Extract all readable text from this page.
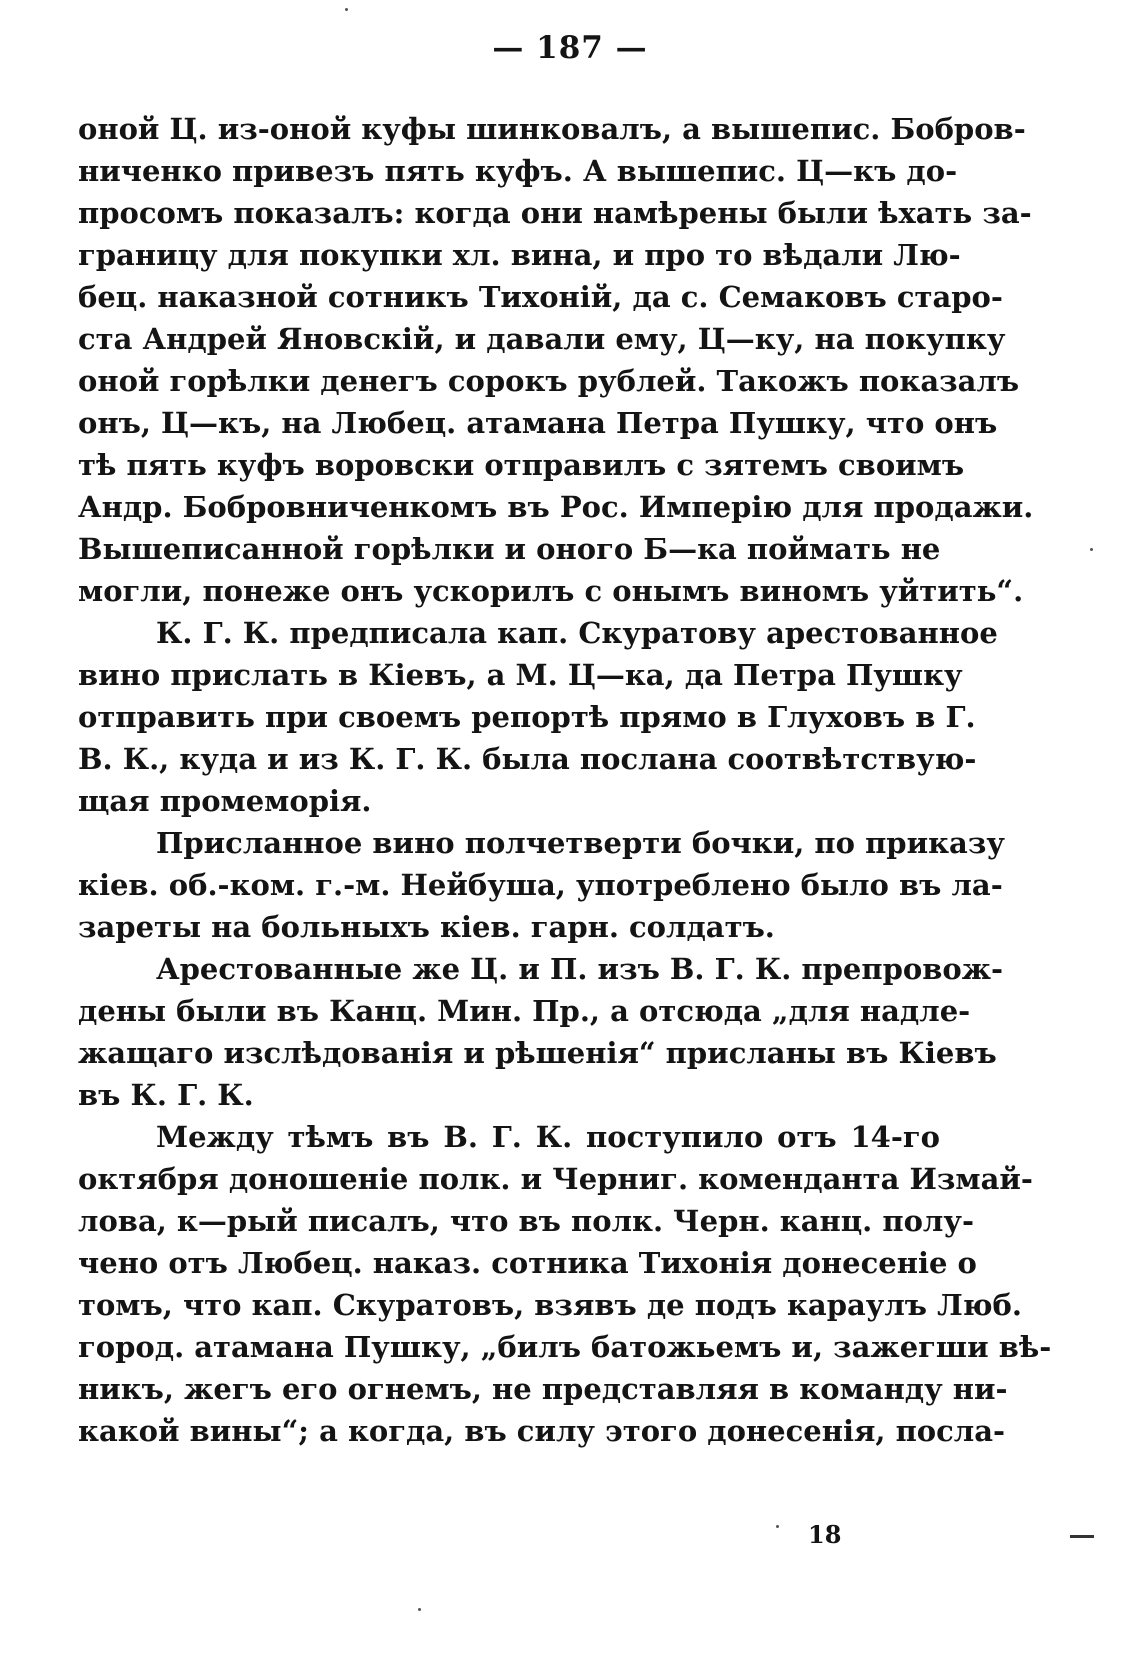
— 187 —
оной Ц. из-оной куфы шинковалъ, а вышепис. Бобров-
ниченко привезъ пять куфъ. А вышепис. Ц—къ до-
просомъ показалъ: когда они намѣрены были ѣхать за-
границу для покупки хл. вина, и про то вѣдали Лю-
бец. наказной сотникъ Тихоній, да с. Семаковъ старо-
ста Андрей Яновскій, и давали ему, Ц—ку, на покупку
оной горѣлки денегъ сорокъ рублей. Такожъ показалъ
онъ, Ц—къ, на Любец. атамана Петра Пушку, что онъ
тѣ пять куфъ воровски отправилъ с зятемъ своимъ
Андр. Бобровниченкомъ въ Рос. Имперію для продажи.
Вышеписанной горѣлки и оного Б—ка поймать не
могли, понеже онъ ускорилъ с онымъ виномъ уйтить“.
К. Г. К. предписала кап. Скуратову арестованное
вино прислать в Кіевъ, а М. Ц—ка, да Петра Пушку
отправить при своемъ репортѣ прямо в Глуховъ в Г.
В. К., куда и из К. Г. К. была послана соотвѣтствую-
щая промеморія.
Присланное вино полчетверти бочки, по приказу
кіев. об.-ком. г.-м. Нейбуша, употреблено было въ ла-
зареты на больныхъ кіев. гарн. солдатъ.
Арестованные же Ц. и П. изъ В. Г. К. препровож-
дены были въ Канц. Мин. Пр., а отсюда „для надле-
жащаго изслѣдованія и рѣшенія“ присланы въ Кіевъ
въ К. Г. К.
Между тѣмъ въ В. Г. К. поступило отъ 14-го
октября доношеніе полк. и Черниг. коменданта Измай-
лова, к—рый писалъ, что въ полк. Черн. канц. полу-
чено отъ Любец. наказ. сотника Тихонія донесеніе о
томъ, что кап. Скуратовъ, взявъ де подъ караулъ Люб.
город. атамана Пушку, „билъ батожьемъ и, зажегши вѣ-
никъ, жегъ его огнемъ, не представляя в команду ни-
какой вины“; а когда, въ силу этого донесенія, посла-
18
